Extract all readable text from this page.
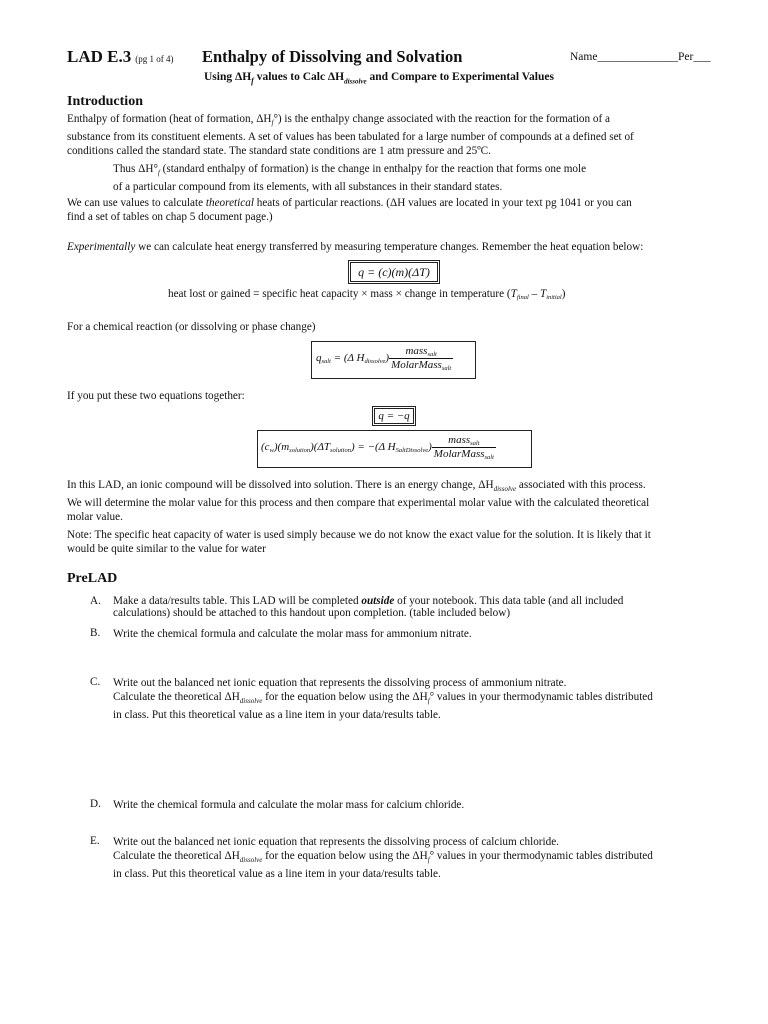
LAD E.3 (pg 1 of 4) Enthalpy of Dissolving and Solvation	Name______________Per___
Using $\Delta H_f$ values to Calc $\Delta H_{dissolve}$ and Compare to Experimental Values
Introduction
Enthalpy of formation (heat of formation, $\Delta H_f^\circ$) is the enthalpy change associated with the reaction for the formation of a
substance from its constituent elements. A set of values has been tabulated for a large number of compounds at a defined set of
conditions called the standard state. The standard state conditions are 1 atm pressure and 25ºC.
Thus $\Delta H^\circ_f$ (standard enthalpy of formation) is the change in enthalpy for the reaction that forms one mole
of a particular compound from its elements, with all substances in their standard states.
We can use values to calculate theoretical heats of particular reactions. (ΔH values are located in your text pg 1041 or you can
find a set of tables on chap 5 document page.)
Experimentally we can calculate heat energy transferred by measuring temperature changes. Remember the heat equation below:
q = (c)(m)(ΔT)
heat lost or gained = specific heat capacity × mass × change in temperature $(T_{final} - T_{initial})$
For a chemical reaction (or dissolving or phase change)
$q_{salt} = (\Delta$ $H_{dissolve}) \frac{mass_{salt}}{MolarMass_{salt}}$
If you put these two equations together:
q = −q
$(c_w)(m_{solution})(\Delta T_{solution}) = -(\Delta$ $H_{SaltDissolve}) \frac{mass_{salt}}{MolarMass_{salt}}$
In this LAD, an ionic compound will be dissolved into solution. There is an energy change, $\Delta H_{dissolve}$ associated with this process.
We will determine the molar value for this process and then compare that experimental molar value with the calculated theoretical
molar value.
Note: The specific heat capacity of water is used simply because we do not know the exact value for the solution. It is likely that it
would be quite similar to the value for water
PreLAD
A. Make a data/results table. This LAD will be completed outside of your notebook. This data table (and all included
calculations) should be attached to this handout upon completion. (table included below)
B. Write the chemical formula and calculate the molar mass for ammonium nitrate.
C. Write out the balanced net ionic equation that represents the dissolving process of ammonium nitrate.
Calculate the theoretical $\Delta H_{dissolve}$ for the equation below using the $\Delta H_f^\circ$ values in your thermodynamic tables distributed
in class. Put this theoretical value as a line item in your data/results table.
D. Write the chemical formula and calculate the molar mass for calcium chloride.
E. Write out the balanced net ionic equation that represents the dissolving process of calcium chloride.
Calculate the theoretical $\Delta H_{dissolve}$ for the equation below using the $\Delta H_f^\circ$ values in your thermodynamic tables distributed
in class. Put this theoretical value as a line item in your data/results table.
